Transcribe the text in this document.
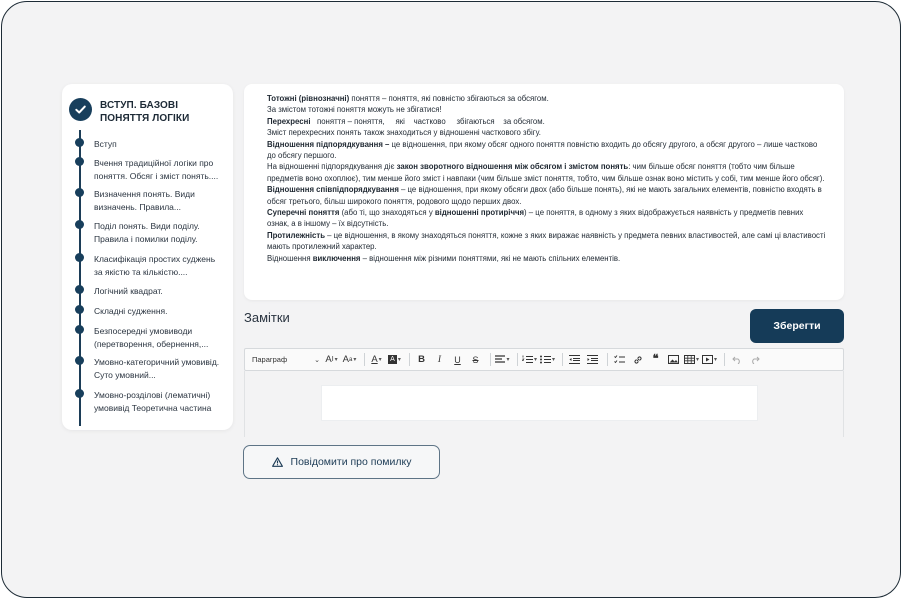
ВСТУП. БАЗОВІ ПОНЯТТЯ ЛОГІКИ
Вступ
Вчення традиційної логіки про поняття. Обсяг і зміст понять....
Визначення понять. Види визначень. Правила...
Поділ понять. Види поділу. Правила і помилки поділу.
Класифікація простих суджень за якістю та кількістю....
Логічний квадрат.
Складні судження.
Безпосередні умовиводи (перетворення, обернення,...
Умовно-категоричний умовивід. Суто умовний...
Умовно-розділові (лематичні) умовивід Теоретична частина

Тотожні (рівнозначні) поняття – поняття, які повністю збігаються за обсягом.

За змістом тотожні поняття можуть не збігатися!

Перехресні   поняття – поняття,     які    частково     збігаються    за обсягом.

Зміст перехресних понять також знаходиться у відношенні часткового збігу.

Відношення підпорядкування – це відношення, при якому обсяг одного поняття повністю входить до обсягу другого, а обсяг другого – лише частково до обсягу першого.

На відношенні підпорядкування діє закон зворотного відношення між обсягом і змістом понять: чим більше обсяг поняття (тобто чим більше предметів воно охоплює), тим менше його зміст і навпаки (чим більше зміст поняття, тобто, чим більше ознак воно містить у собі, тим менше його обсяг).

Відношення співпідпорядкування – це відношення, при якому обсяги двох (або більше понять), які не мають загальних елементів, повністю входять в обсяг третього, більш широкого поняття, родового щодо перших двох.

Суперечні поняття (або ті, що знаходяться у відношенні протиріччя) – це поняття, в одному з яких відображується наявність у предметів певних ознак, а в іншому – їх відсутність.

Протилежність – це відношення, в якому знаходяться поняття, кожне з яких виражає наявність у предмета певних властивостей, але самі ці властивості мають протилежний характер.

Відношення виключення – відношення між різними поняттями, які не мають спільних елементів.

Замітки
Зберегти
Параграф	⌄ A I
▾ A a
▾ A
▾ A
▾ B I U S ▾ ▾ ▾	❝
▾
▾
Повідомити про помилку
